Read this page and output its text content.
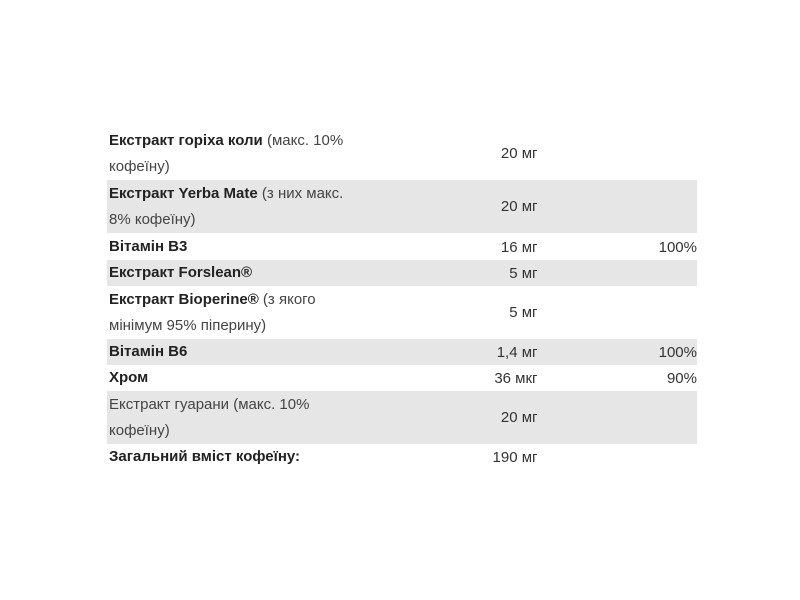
Екстракт горіха коли (макс. 10% кофеїну)	20 мг	
Екстракт Yerba Mate (з них макс. 8% кофеїну)	20 мг	
Вітамін B3	16 мг	100%
Екстракт Forslean®	5 мг	
Екстракт Bioperine® (з якого мінімум 95% піперину)	5 мг	
Вітамін B6	1,4 мг	100%
Хром	36 мкг	90%
Екстракт гуарани (макс. 10% кофеїну)	20 мг	
Загальний вміст кофеїну:	190 мг	
